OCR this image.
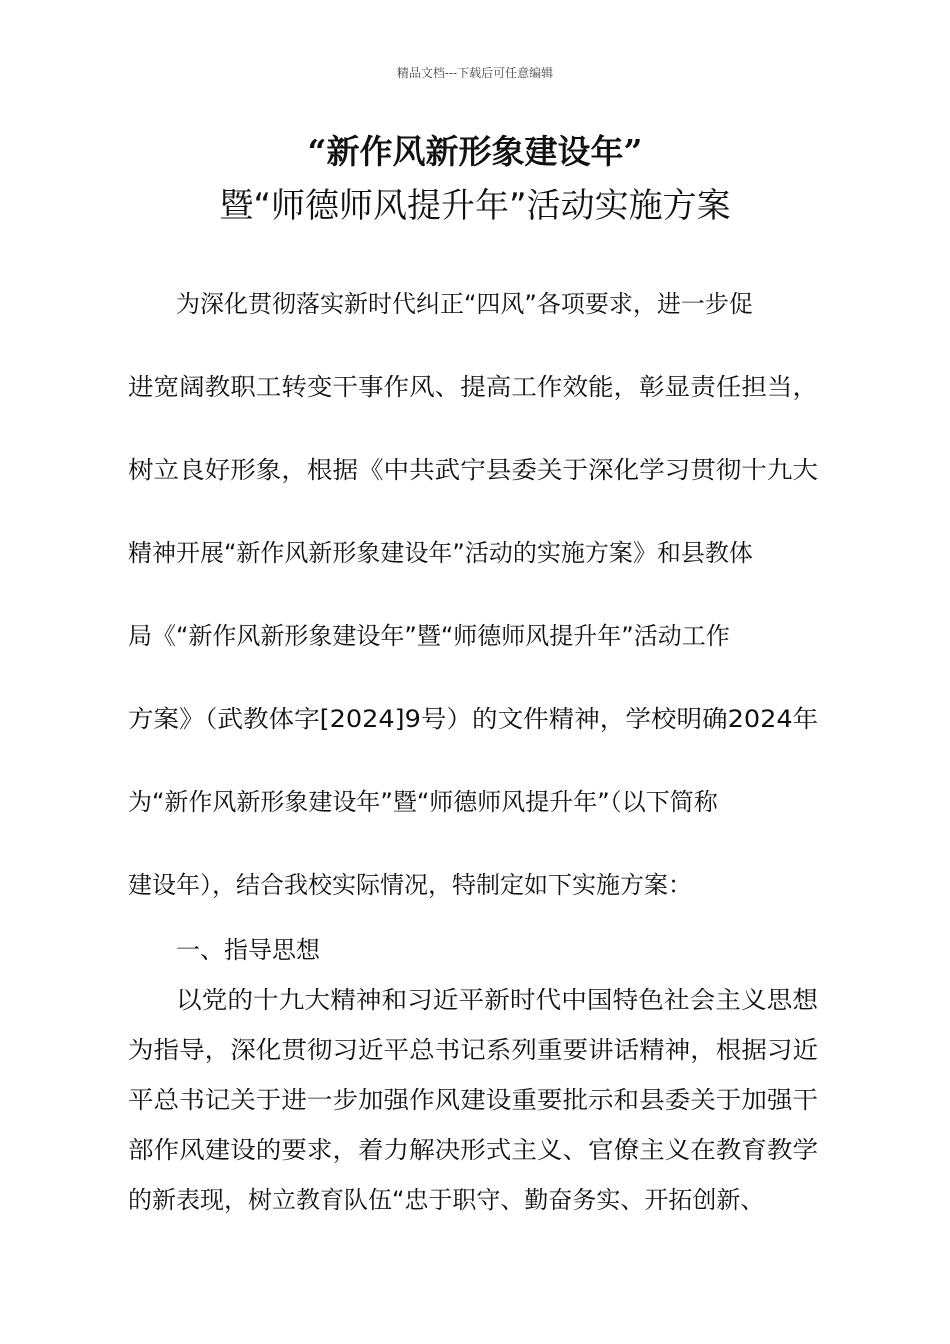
精品文档---下载后可任意编辑
“新作风新形象建设年”
暨“师德师风提升年”活动实施方案
为深化贯彻落实新时代纠正“四风”各项要求，进一步促
进宽阔教职工转变干事作风、提高工作效能，彰显责任担当，
树立良好形象，根据《中共武宁县委关于深化学习贯彻十九大
精神开展“新作风新形象建设年”活动的实施方案》和县教体
局《“新作风新形象建设年”暨“师德师风提升年”活动工作
方案》（武教体字[2024]9号）的文件精神，学校明确2024年
为“新作风新形象建设年”暨“师德师风提升年”（以下简称
建设年），结合我校实际情况，特制定如下实施方案：
一、指导思想
以党的十九大精神和习近平新时代中国特色社会主义思想
为指导，深化贯彻习近平总书记系列重要讲话精神，根据习近
平总书记关于进一步加强作风建设重要批示和县委关于加强干
部作风建设的要求，着力解决形式主义、官僚主义在教育教学
的新表现，树立教育队伍“忠于职守、勤奋务实、开拓创新、
